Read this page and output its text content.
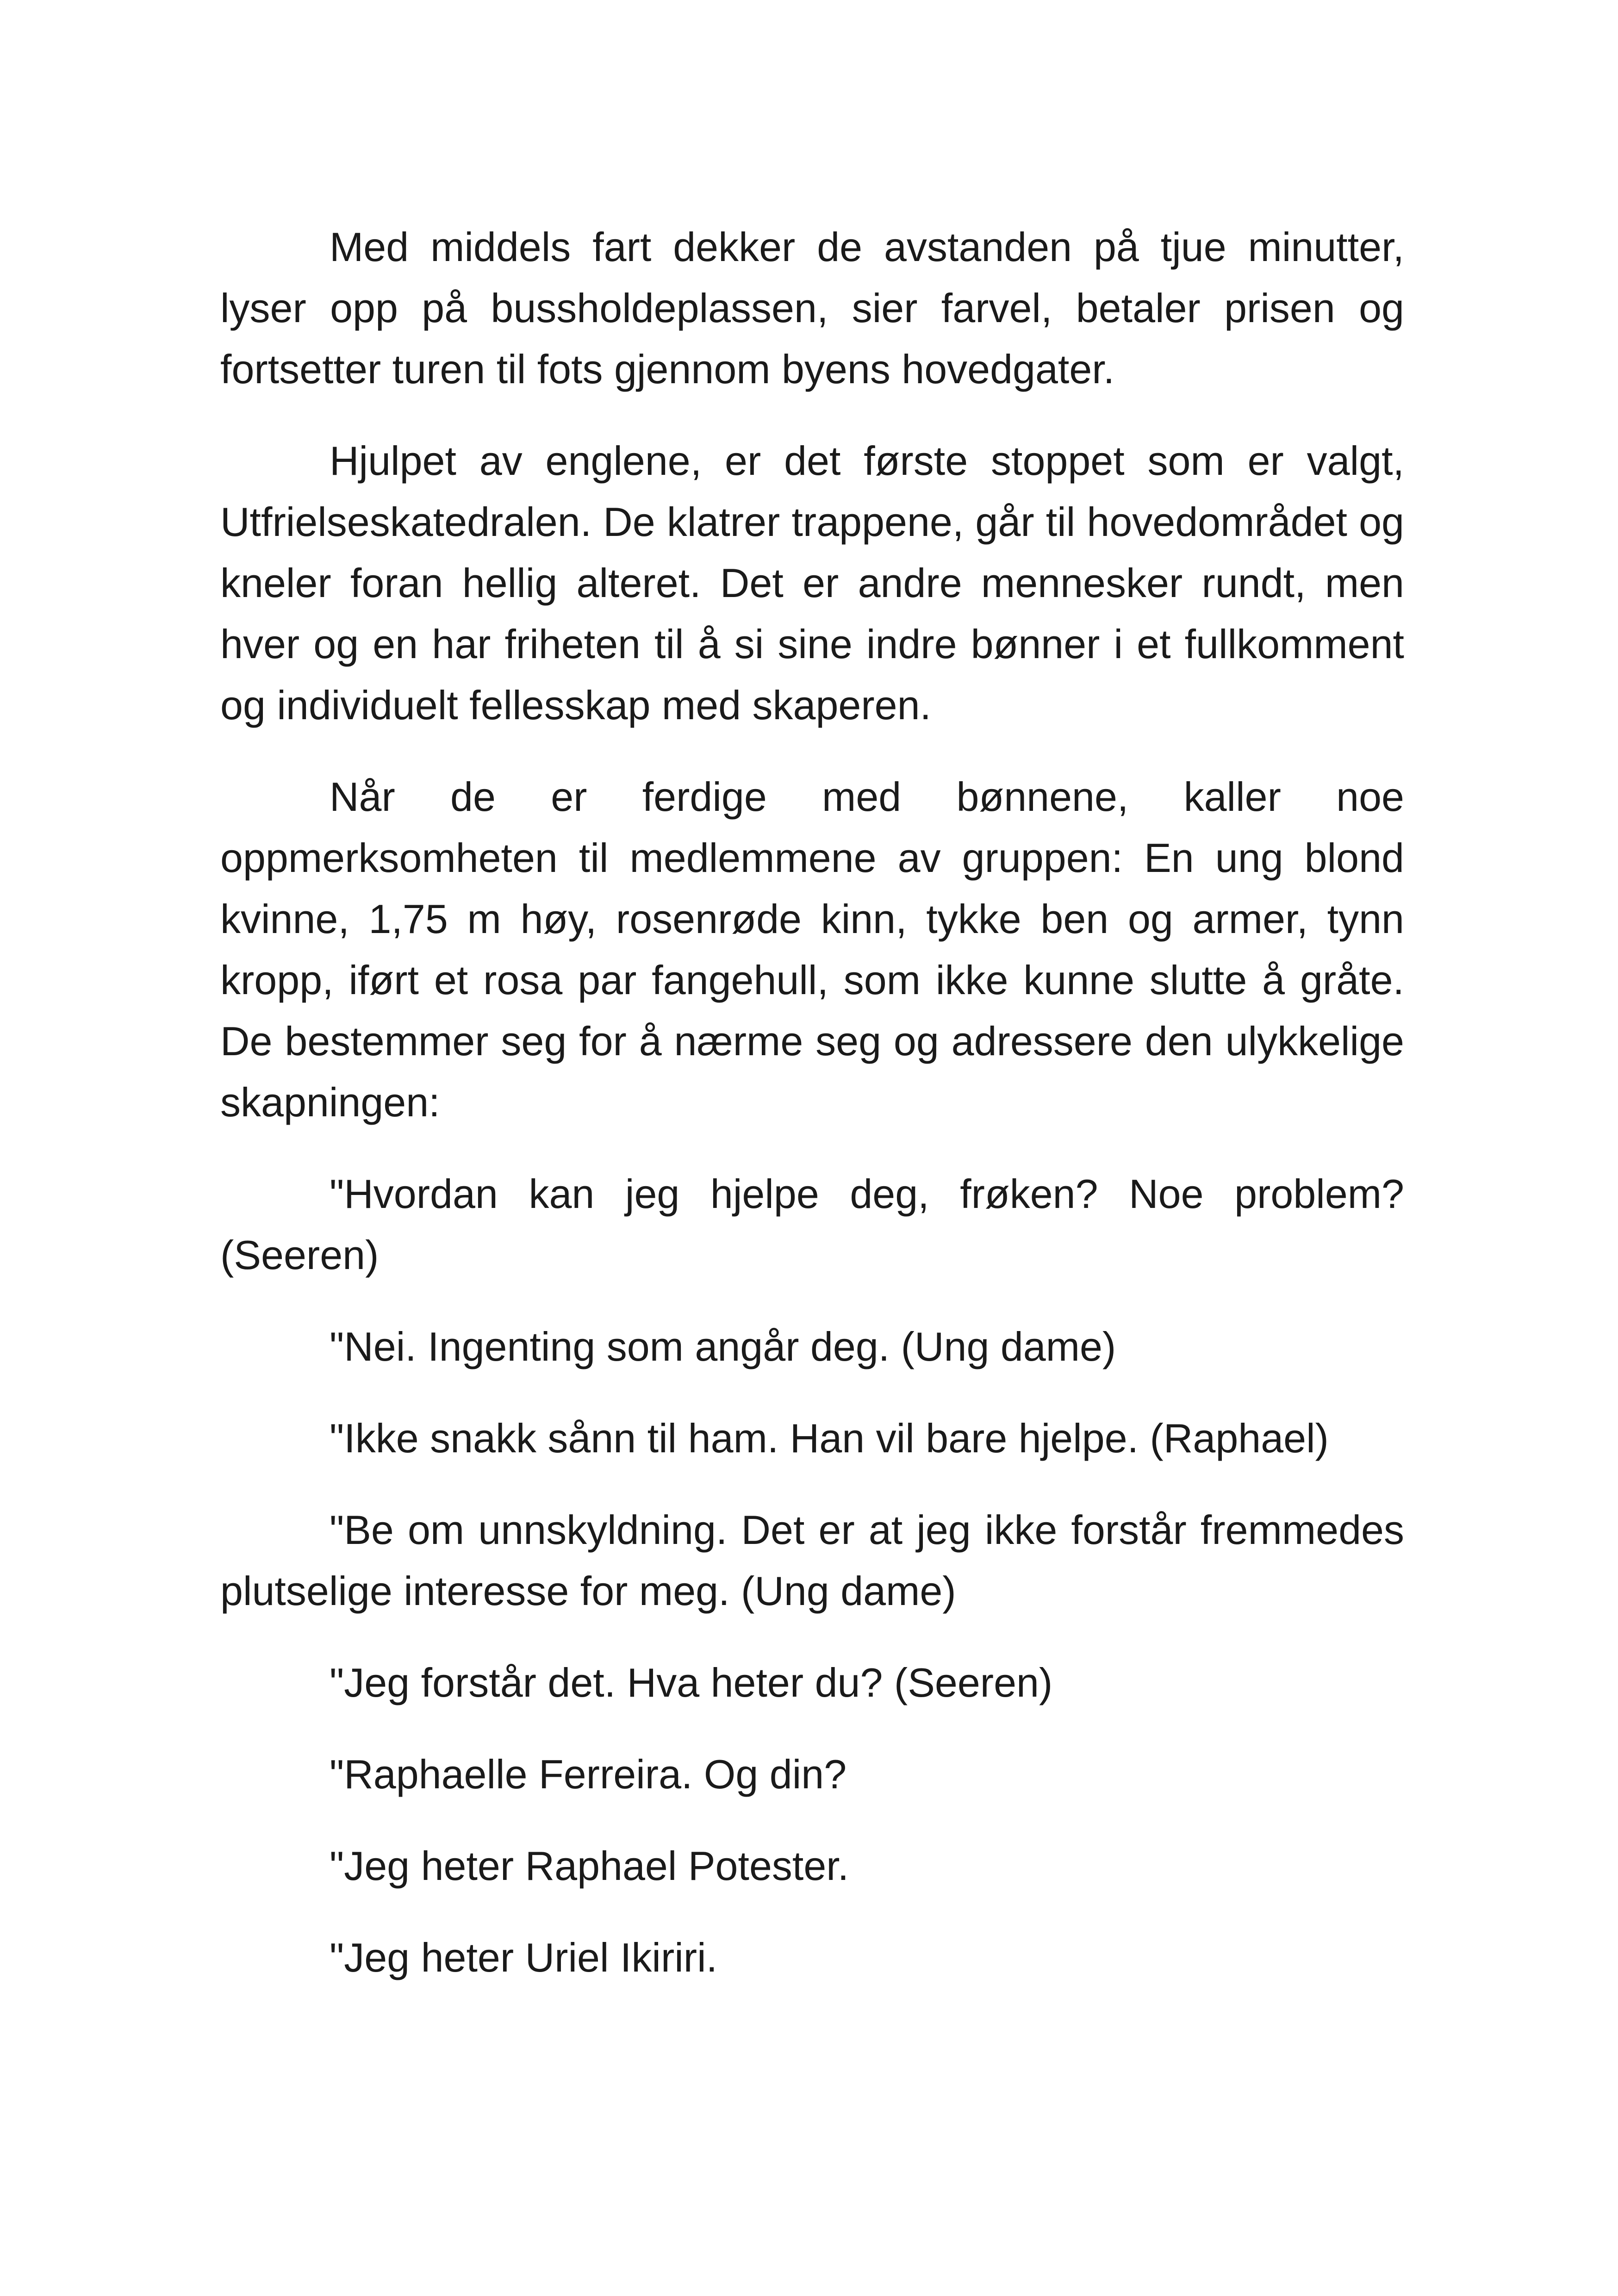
Med middels fart dekker de avstanden på tjue minutter, lyser opp på bussholdeplassen, sier farvel, betaler prisen og fortsetter turen til fots gjennom byens hovedgater.

Hjulpet av englene, er det første stoppet som er valgt, Utfrielseskatedralen. De klatrer trappene, går til hovedområdet og kneler foran hellig alteret. Det er andre mennesker rundt, men hver og en har friheten til å si sine indre bønner i et fullkomment og individuelt fellesskap med skaperen.

Når de er ferdige med bønnene, kaller noe oppmerksomheten til medlemmene av gruppen: En ung blond kvinne, 1,75 m høy, rosenrøde kinn, tykke ben og armer, tynn kropp, iført et rosa par fangehull, som ikke kunne slutte å gråte. De bestemmer seg for å nærme seg og adressere den ulykkelige skapningen:

"Hvordan kan jeg hjelpe deg, frøken? Noe problem? (Seeren)

"Nei. Ingenting som angår deg. (Ung dame)

"Ikke snakk sånn til ham. Han vil bare hjelpe. (Raphael)

"Be om unnskyldning. Det er at jeg ikke forstår fremmedes plutselige interesse for meg. (Ung dame)

"Jeg forstår det. Hva heter du? (Seeren)

"Raphaelle Ferreira. Og din?

"Jeg heter Raphael Potester.

"Jeg heter Uriel Ikiriri.
